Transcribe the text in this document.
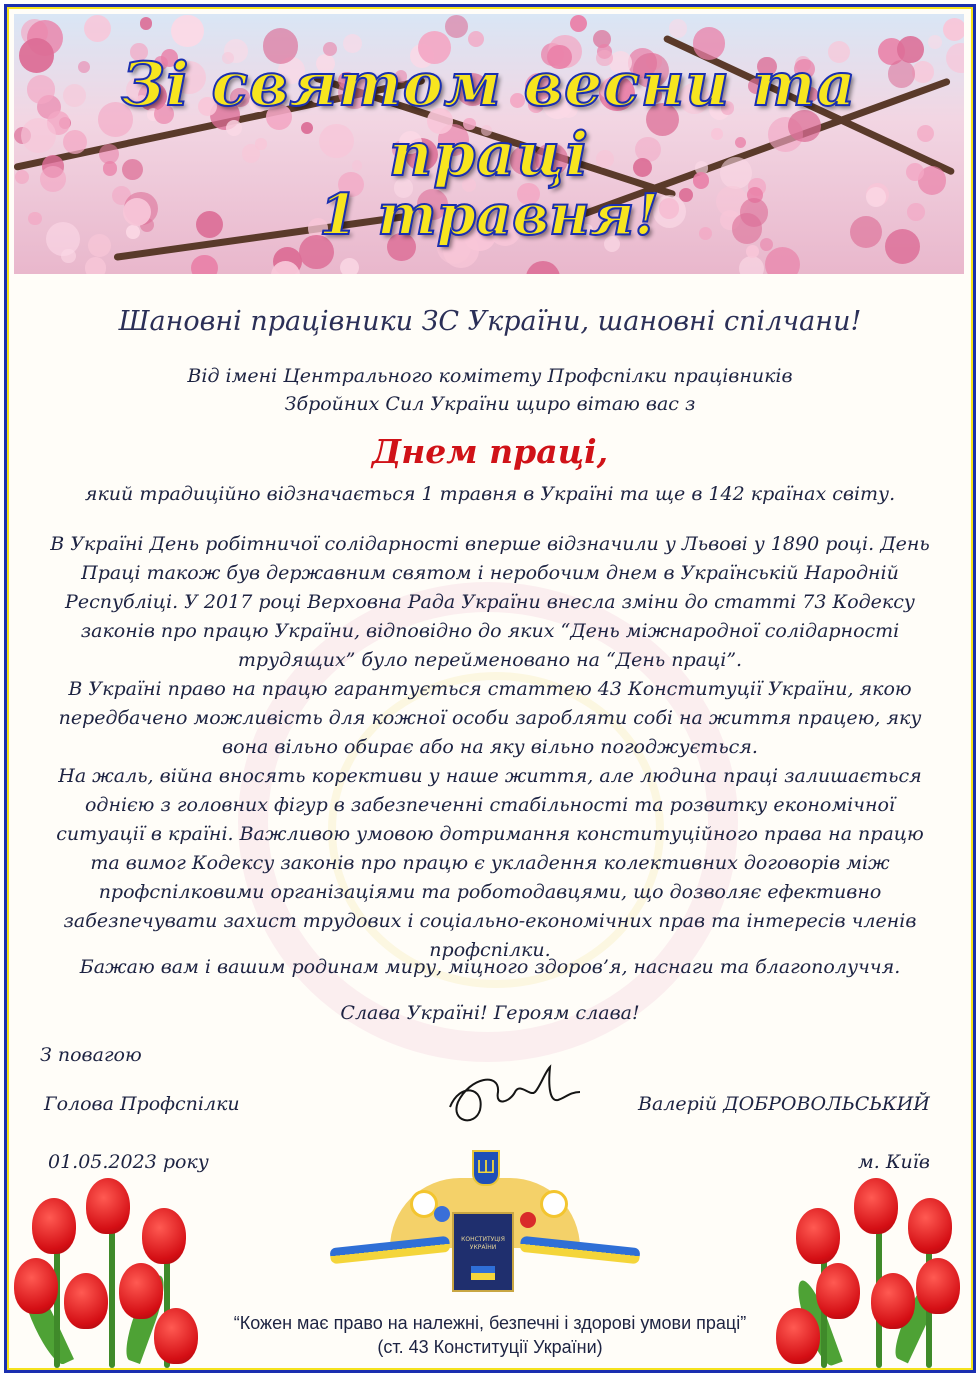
Зі святом весни та праці
1 травня!
Шановні працівники ЗС України, шановні спілчани!
Від імені Центрального комітету Профспілки працівників
Збройних Сил України щиро вітаю вас з
Днем праці,
який традиційно відзначається 1 травня в Україні та ще в 142 країнах світу.

В Україні День робітничої солідарності вперше відзначили у Львові у 1890 році. День Праці також був державним святом і неробочим днем в Українській Народній Республіці. У 2017 році Верховна Рада України внесла зміни до статті 73 Кодексу законів про працю України, відповідно до яких “День міжнародної солідарності трудящих” було перейменовано на “День праці”.

В Україні право на працю гарантується статтею 43 Конституції України, якою передбачено можливість для кожної особи заробляти собі на життя працею, яку вона вільно обирає або на яку вільно погоджується.

На жаль, війна вносять корективи у наше життя, але людина праці залишається однією з головних фігур в забезпеченні стабільності та розвитку економічної ситуації в країні. Важливою умовою дотримання конституційного права на працю та вимог Кодексу законів про працю є укладення колективних договорів між профспілковими організаціями та роботодавцями, що дозволяє ефективно забезпечувати захист трудових і соціально-економічних прав та інтересів членів профспілки.

Бажаю вам і вашим родинам миру, міцного здоров’я, наснаги та благополуччя.
Слава Україні! Героям слава!
З повагою
Голова Профспілки	Валерій ДОБРОВОЛЬСЬКИЙ
01.05.2023 року	м. Київ
Ш
КОНСТИТУЦІЯ УКРАЇНИ
“Кожен має право на належні, безпечні і здорові умови праці”
(ст. 43 Конституції України)
